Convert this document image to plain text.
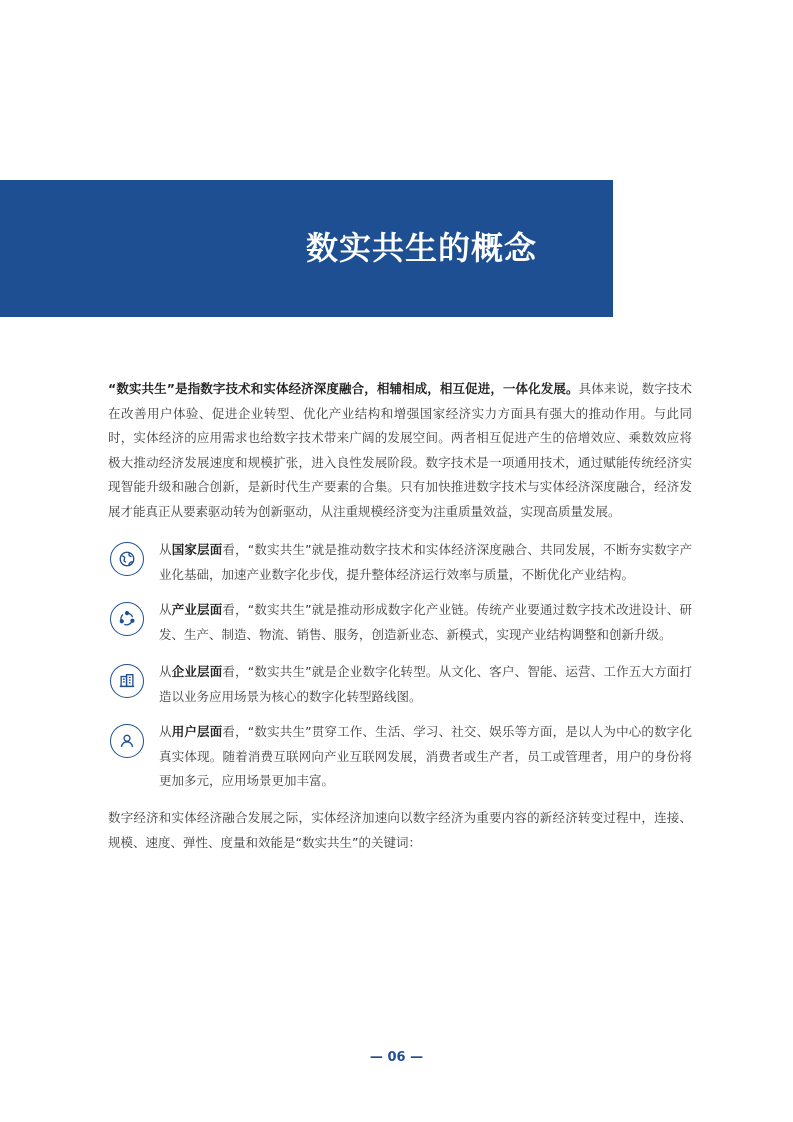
数实共生的概念

“数实共生”是指数字技术和实体经济深度融合，相辅相成，相互促进，一体化发展。具体来说，数字技术在改善用户体验、促进企业转型、优化产业结构和增强国家经济实力方面具有强大的推动作用。与此同时，实体经济的应用需求也给数字技术带来广阔的发展空间。两者相互促进产生的倍增效应、乘数效应将极大推动经济发展速度和规模扩张，进入良性发展阶段。数字技术是一项通用技术，通过赋能传统经济实现智能升级和融合创新，是新时代生产要素的合集。只有加快推进数字技术与实体经济深度融合，经济发展才能真正从要素驱动转为创新驱动，从注重规模经济变为注重质量效益，实现高质量发展。

从国家层面看，“数实共生”就是推动数字技术和实体经济深度融合、共同发展，不断夯实数字产业化基础，加速产业数字化步伐，提升整体经济运行效率与质量，不断优化产业结构。

从产业层面看，“数实共生”就是推动形成数字化产业链。传统产业要通过数字技术改进设计、研发、生产、制造、物流、销售、服务，创造新业态、新模式，实现产业结构调整和创新升级。

从企业层面看，“数实共生”就是企业数字化转型。从文化、客户、智能、运营、工作五大方面打造以业务应用场景为核心的数字化转型路线图。

从用户层面看，“数实共生”贯穿工作、生活、学习、社交、娱乐等方面，是以人为中心的数字化真实体现。随着消费互联网向产业互联网发展，消费者或生产者，员工或管理者，用户的身份将更加多元，应用场景更加丰富。

数字经济和实体经济融合发展之际，实体经济加速向以数字经济为重要内容的新经济转变过程中，连接、规模、速度、弹性、度量和效能是“数实共生”的关键词：

— 06 —
